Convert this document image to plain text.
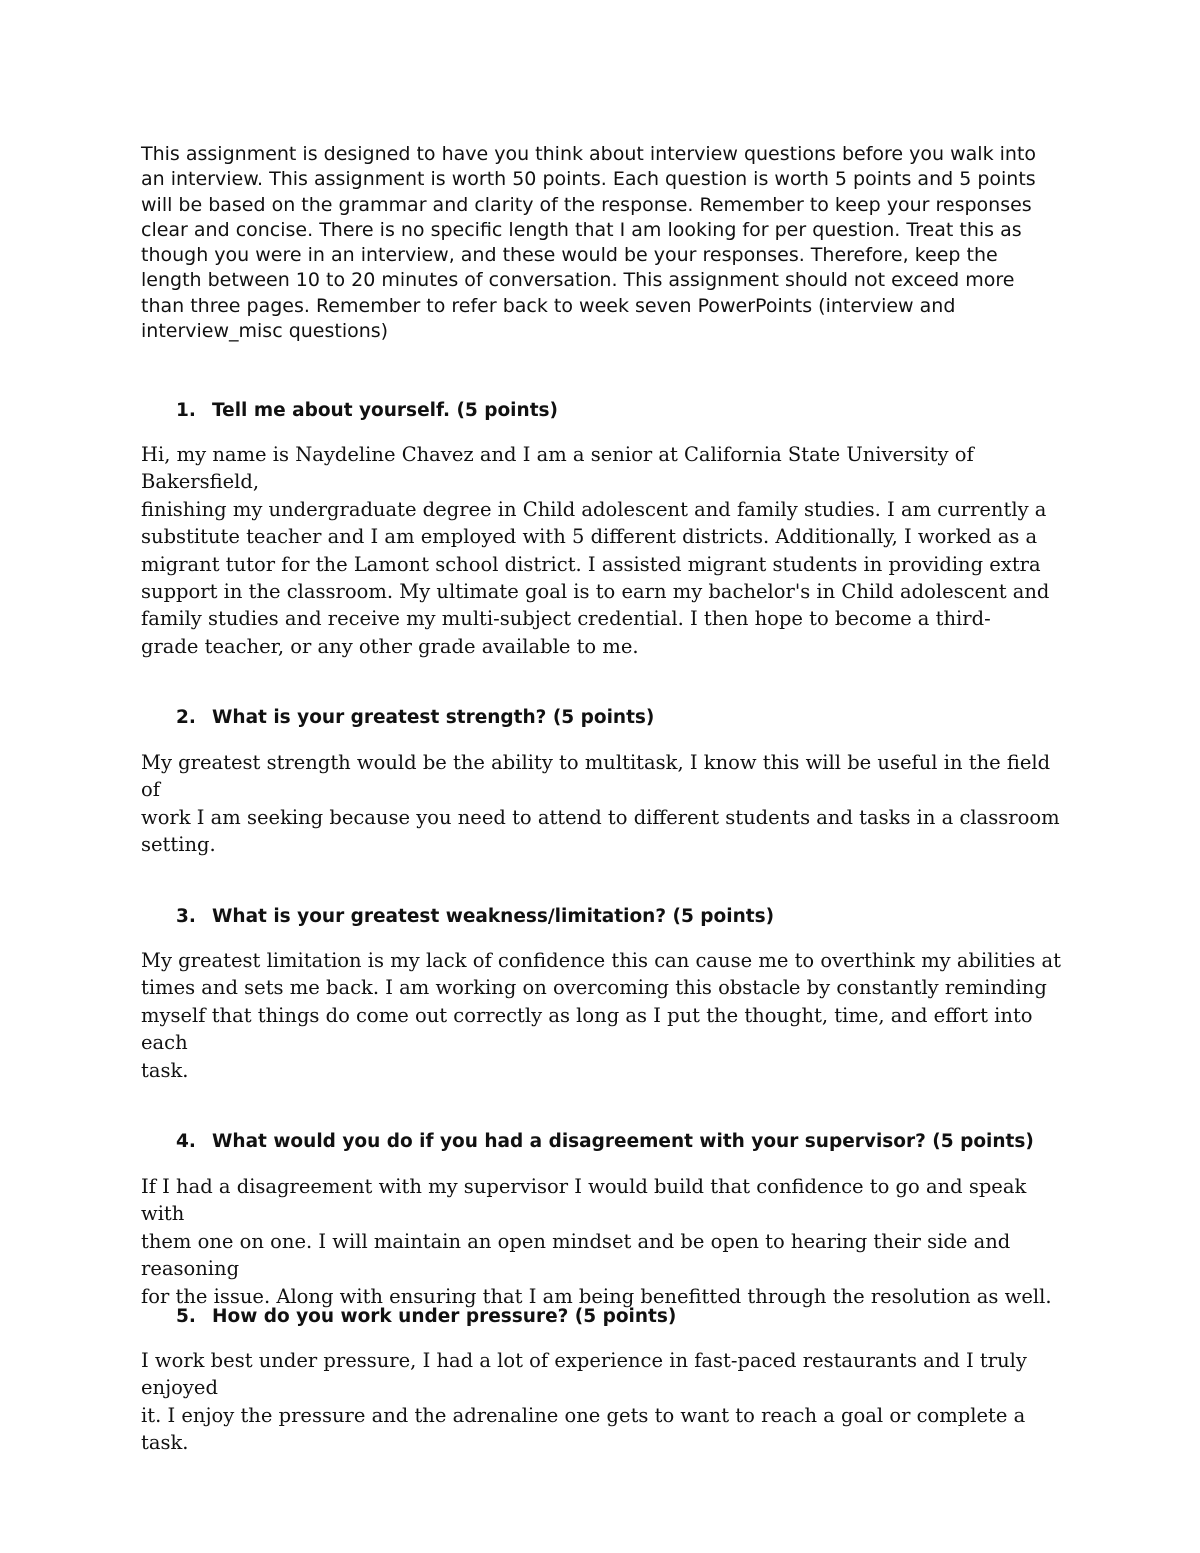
This assignment is designed to have you think about interview questions before you walk into
an interview. This assignment is worth 50 points. Each question is worth 5 points and 5 points
will be based on the grammar and clarity of the response. Remember to keep your responses
clear and concise. There is no specific length that I am looking for per question. Treat this as
though you were in an interview, and these would be your responses. Therefore, keep the
length between 10 to 20 minutes of conversation. This assignment should not exceed more
than three pages. Remember to refer back to week seven PowerPoints (interview and
interview_misc questions)

1. Tell me about yourself. (5 points)

Hi, my name is Naydeline Chavez and I am a senior at California State University of Bakersfield,
finishing my undergraduate degree in Child adolescent and family studies. I am currently a
substitute teacher and I am employed with 5 different districts. Additionally, I worked as a
migrant tutor for the Lamont school district. I assisted migrant students in providing extra
support in the classroom. My ultimate goal is to earn my bachelor's in Child adolescent and
family studies and receive my multi-subject credential. I then hope to become a third-
grade teacher, or any other grade available to me.

2. What is your greatest strength? (5 points)

My greatest strength would be the ability to multitask, I know this will be useful in the field of
work I am seeking because you need to attend to different students and tasks in a classroom
setting.

3. What is your greatest weakness/limitation? (5 points)

My greatest limitation is my lack of confidence this can cause me to overthink my abilities at
times and sets me back. I am working on overcoming this obstacle by constantly reminding
myself that things do come out correctly as long as I put the thought, time, and effort into each
task.

4. What would you do if you had a disagreement with your supervisor? (5 points)

If I had a disagreement with my supervisor I would build that confidence to go and speak with
them one on one. I will maintain an open mindset and be open to hearing their side and reasoning
for the issue. Along with ensuring that I am being benefitted through the resolution as well.

5. How do you work under pressure? (5 points)

I work best under pressure, I had a lot of experience in fast-paced restaurants and I truly enjoyed
it. I enjoy the pressure and the adrenaline one gets to want to reach a goal or complete a task.
